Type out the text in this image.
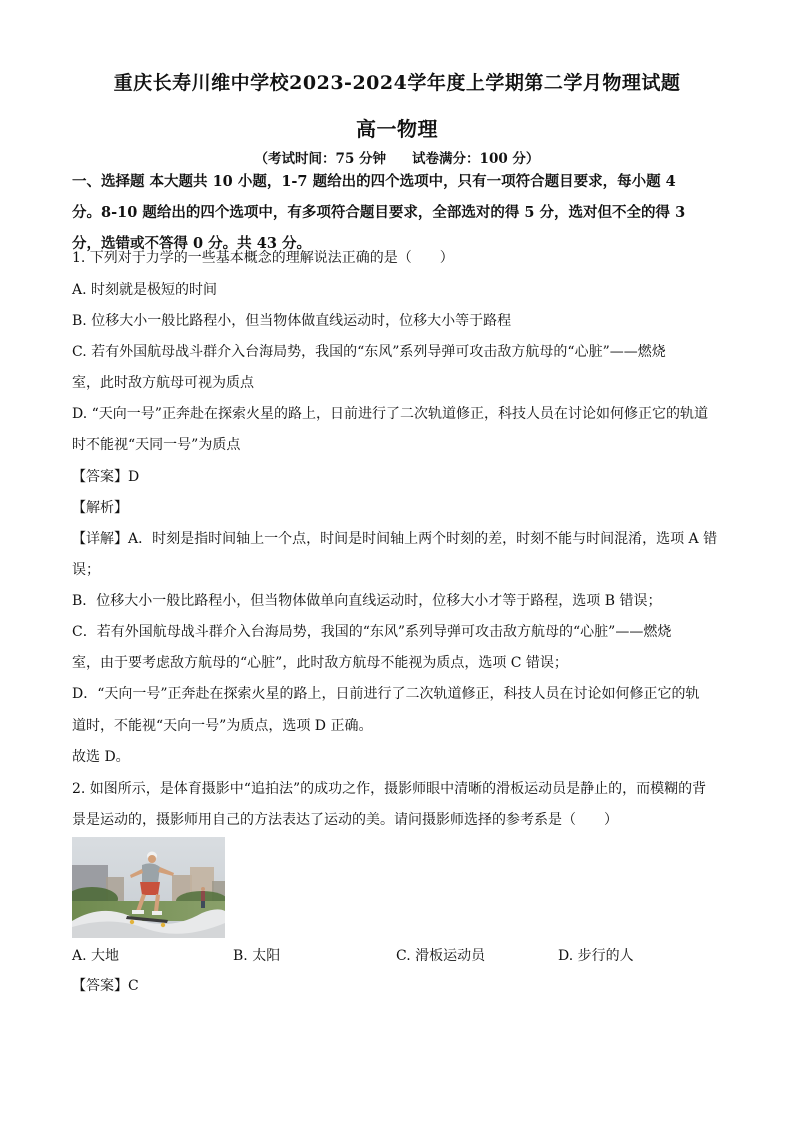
重庆长寿川维中学校2023-2024学年度上学期第二学月物理试题
高一物理
（考试时间：75 分钟 试卷满分：100 分）
一、选择题 本大题共 10 小题，1-7 题给出的四个选项中，只有一项符合题目要求，每小题 4
分。8-10 题给出的四个选项中，有多项符合题目要求，全部选对的得 5 分，选对但不全的得 3
分，选错或不答得 0 分。共 43 分。
1. 下列对于力学的一些基本概念的理解说法正确的是（　　）
A. 时刻就是极短的时间
B. 位移大小一般比路程小，但当物体做直线运动时，位移大小等于路程
C. 若有外国航母战斗群介入台海局势，我国的“东风”系列导弹可攻击敌方航母的“心脏”——燃烧
室，此时敌方航母可视为质点
D. “天向一号”正奔赴在探索火星的路上，日前进行了二次轨道修正，科技人员在讨论如何修正它的轨道
时不能视“天同一号”为质点
【答案】D
【解析】
【详解】A．时刻是指时间轴上一个点，时间是时间轴上两个时刻的差，时刻不能与时间混淆，选项 A 错
误；
B．位移大小一般比路程小，但当物体做单向直线运动时，位移大小才等于路程，选项 B 错误；
C．若有外国航母战斗群介入台海局势，我国的“东风”系列导弹可攻击敌方航母的“心脏”——燃烧
室，由于要考虑敌方航母的“心脏”，此时敌方航母不能视为质点，选项 C 错误；
D．“天向一号”正奔赴在探索火星的路上，日前进行了二次轨道修正，科技人员在讨论如何修正它的轨
道时，不能视“天向一号”为质点，选项 D 正确。
故选 D。
2. 如图所示，是体育摄影中“追拍法”的成功之作，摄影师眼中清晰的滑板运动员是静止的，而模糊的背
景是运动的，摄影师用自己的方法表达了运动的美。请问摄影师选择的参考系是（　　）
A. 大地	B. 太阳	C. 滑板运动员	D. 步行的人
【答案】C
